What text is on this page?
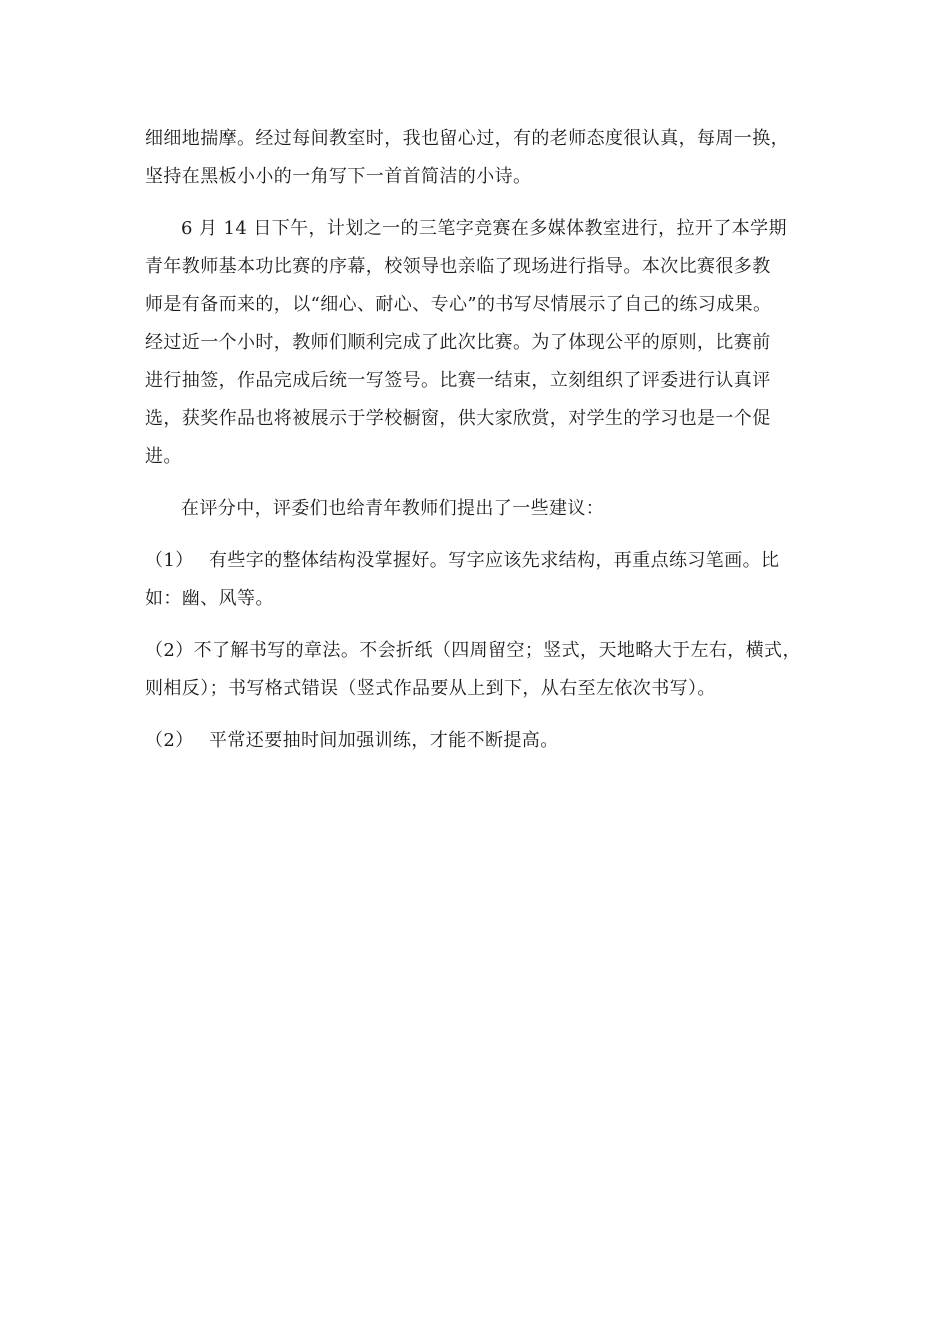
细细地揣摩。经过每间教室时，我也留心过，有的老师态度很认真，每周一换，
坚持在黑板小小的一角写下一首首简洁的小诗。
6 月 14 日下午，计划之一的三笔字竞赛在多媒体教室进行，拉开了本学期
青年教师基本功比赛的序幕，校领导也亲临了现场进行指导。本次比赛很多教
师是有备而来的，以“细心、耐心、专心”的书写尽情展示了自己的练习成果。
经过近一个小时，教师们顺利完成了此次比赛。为了体现公平的原则，比赛前
进行抽签，作品完成后统一写签号。比赛一结束，立刻组织了评委进行认真评
选，获奖作品也将被展示于学校橱窗，供大家欣赏，对学生的学习也是一个促
进。
在评分中，评委们也给青年教师们提出了一些建议：
（1） 有些字的整体结构没掌握好。写字应该先求结构，再重点练习笔画。比
如：幽、风等。
（2）不了解书写的章法。不会折纸（四周留空；竖式，天地略大于左右，横式，
则相反）；书写格式错误（竖式作品要从上到下，从右至左依次书写）。
（2） 平常还要抽时间加强训练，才能不断提高。
